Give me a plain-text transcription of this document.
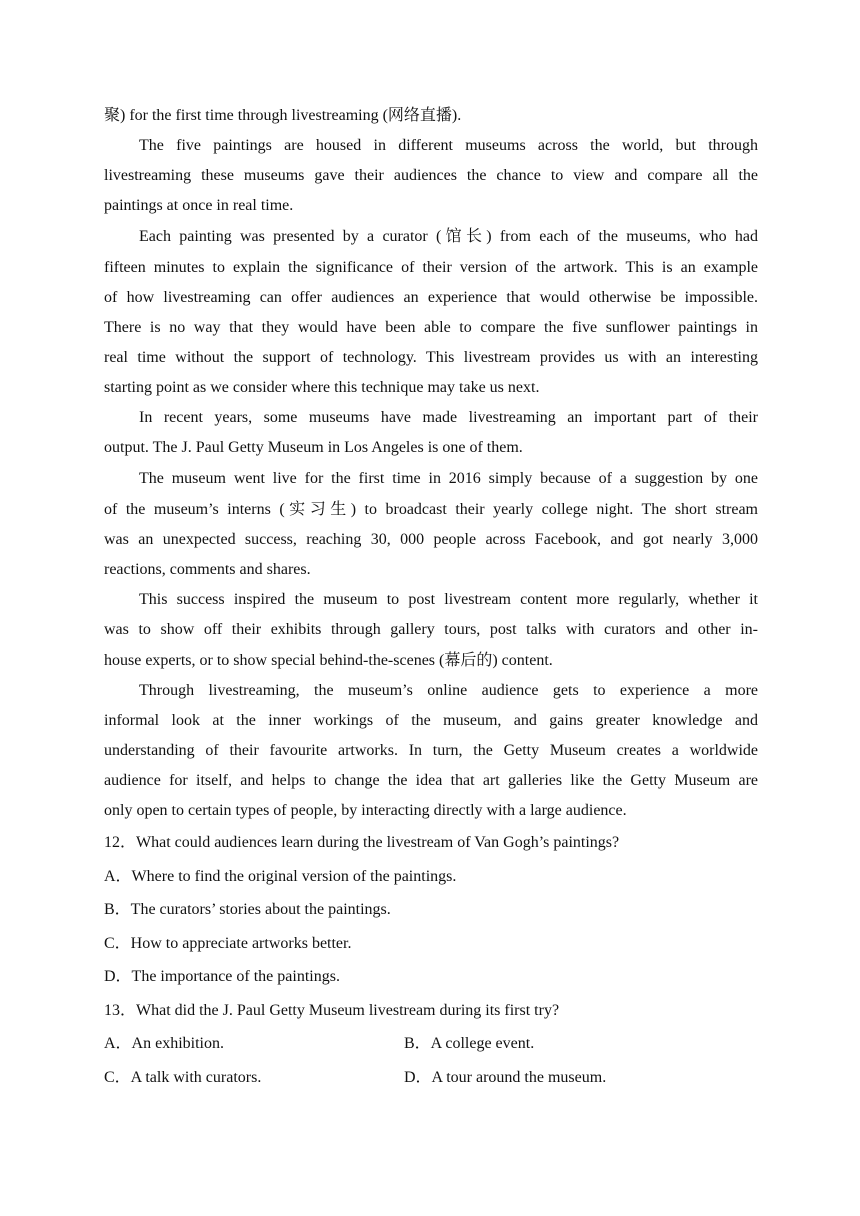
聚) for the first time through livestreaming (网络直播).
The five paintings are housed in different museums across the world, but through
livestreaming these museums gave their audiences the chance to view and compare all the
paintings at once in real time.
Each painting was presented by a curator (馆长) from each of the museums, who had
fifteen minutes to explain the significance of their version of the artwork. This is an example
of how livestreaming can offer audiences an experience that would otherwise be impossible.
There is no way that they would have been able to compare the five sunflower paintings in
real time without the support of technology. This livestream provides us with an interesting
starting point as we consider where this technique may take us next.
In recent years, some museums have made livestreaming an important part of their
output. The J. Paul Getty Museum in Los Angeles is one of them.
The museum went live for the first time in 2016 simply because of a suggestion by one
of the museum’s interns (实习生) to broadcast their yearly college night. The short stream
was an unexpected success, reaching 30, 000 people across Facebook, and got nearly 3,000
reactions, comments and shares.
This success inspired the museum to post livestream content more regularly, whether it
was to show off their exhibits through gallery tours, post talks with curators and other in-
house experts, or to show special behind-the-scenes (幕后的) content.
Through livestreaming, the museum’s online audience gets to experience a more
informal look at the inner workings of the museum, and gains greater knowledge and
understanding of their favourite artworks. In turn, the Getty Museum creates a worldwide
audience for itself, and helps to change the idea that art galleries like the Getty Museum are
only open to certain types of people, by interacting directly with a large audience.
12．What could audiences learn during the livestream of Van Gogh’s paintings?
A．Where to find the original version of the paintings.
B．The curators’ stories about the paintings.
C．How to appreciate artworks better.
D．The importance of the paintings.
13．What did the J. Paul Getty Museum livestream during its first try?
A．An exhibition.	B．A college event.
C．A talk with curators.	D．A tour around the museum.
